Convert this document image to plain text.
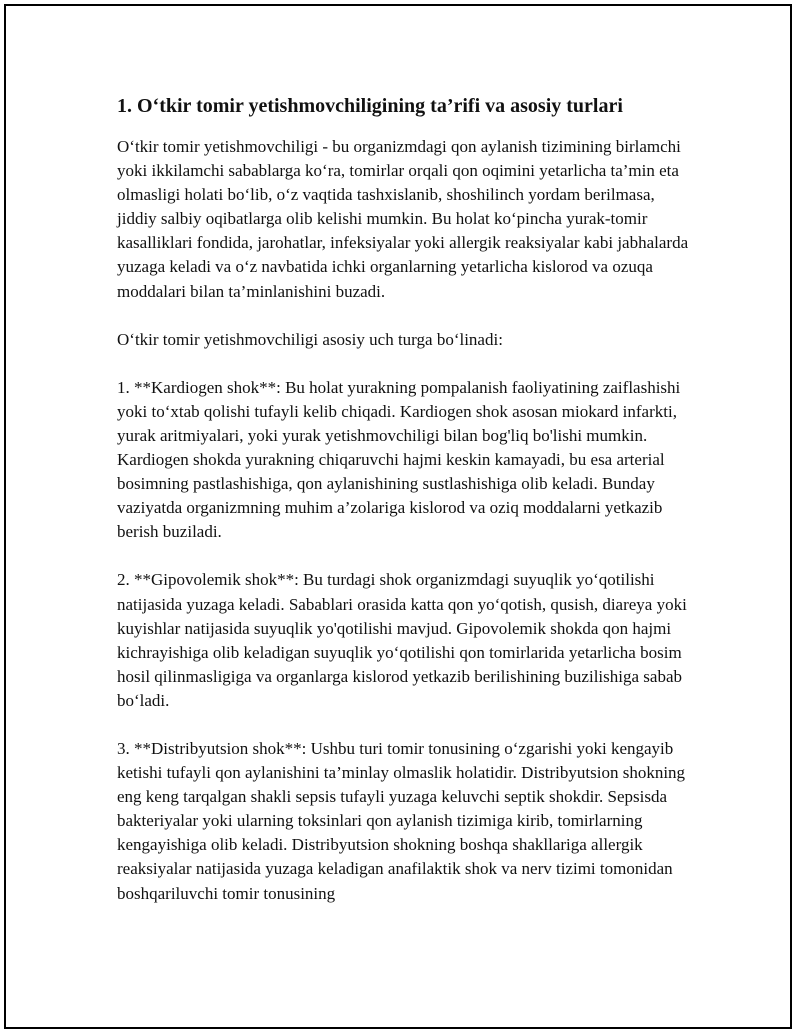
1. O‘tkir tomir yetishmovchiligining ta’rifi va asosiy turlari

O‘tkir tomir yetishmovchiligi - bu organizmdagi qon aylanish tizimining birlamchi yoki ikkilamchi sabablarga ko‘ra, tomirlar orqali qon oqimini yetarlicha ta’min eta olmasligi holati bo‘lib, o‘z vaqtida tashxislanib, shoshilinch yordam berilmasa, jiddiy salbiy oqibatlarga olib kelishi mumkin. Bu holat ko‘pincha yurak-tomir kasalliklari fondida, jarohatlar, infeksiyalar yoki allergik reaksiyalar kabi jabhalarda yuzaga keladi va o‘z navbatida ichki organlarning yetarlicha kislorod va ozuqa moddalari bilan ta’minlanishini buzadi.

O‘tkir tomir yetishmovchiligi asosiy uch turga bo‘linadi:

1. **Kardiogen shok**: Bu holat yurakning pompalanish faoliyatining zaiflashishi yoki to‘xtab qolishi tufayli kelib chiqadi. Kardiogen shok asosan miokard infarkti, yurak aritmiyalari, yoki yurak yetishmovchiligi bilan bog'liq bo'lishi mumkin. Kardiogen shokda yurakning chiqaruvchi hajmi keskin kamayadi, bu esa arterial bosimning pastlashishiga, qon aylanishining sustlashishiga olib keladi. Bunday vaziyatda organizmning muhim a’zolariga kislorod va oziq moddalarni yetkazib berish buziladi.

2. **Gipovolemik shok**: Bu turdagi shok organizmdagi suyuqlik yo‘qotilishi natijasida yuzaga keladi. Sabablari orasida katta qon yo‘qotish, qusish, diareya yoki kuyishlar natijasida suyuqlik yo'qotilishi mavjud. Gipovolemik shokda qon hajmi kichrayishiga olib keladigan suyuqlik yo‘qotilishi qon tomirlarida yetarlicha bosim hosil qilinmasligiga va organlarga kislorod yetkazib berilishining buzilishiga sabab bo‘ladi.

3. **Distribyutsion shok**: Ushbu turi tomir tonusining o‘zgarishi yoki kengayib ketishi tufayli qon aylanishini ta’minlay olmaslik holatidir. Distribyutsion shokning eng keng tarqalgan shakli sepsis tufayli yuzaga keluvchi septik shokdir. Sepsisda bakteriyalar yoki ularning toksinlari qon aylanish tizimiga kirib, tomirlarning kengayishiga olib keladi. Distribyutsion shokning boshqa shakllariga allergik reaksiyalar natijasida yuzaga keladigan anafilaktik shok va nerv tizimi tomonidan boshqariluvchi tomir tonusining
